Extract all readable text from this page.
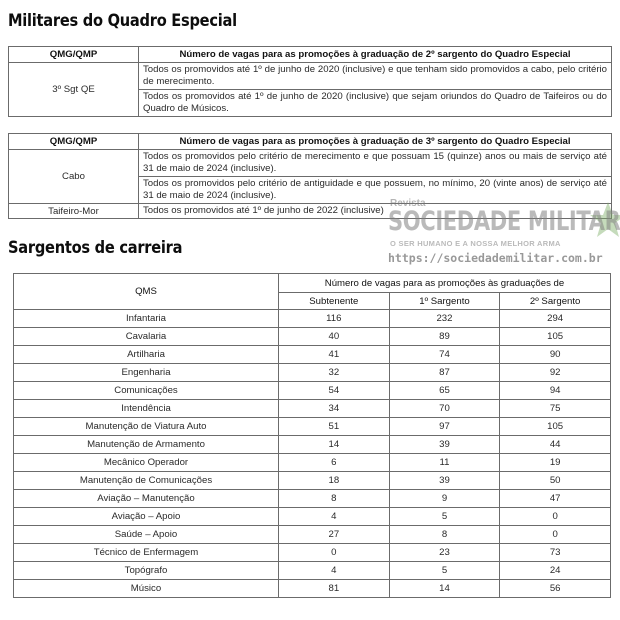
Militares do Quadro Especial
QMG/QMP	Número de vagas para as promoções à graduação de 2º sargento do Quadro Especial
3º Sgt QE	Todos os promovidos até 1º de junho de 2020 (inclusive) e que tenham sido promovidos a cabo, pelo critério de merecimento.
	Todos os promovidos até 1º de junho de 2020 (inclusive) que sejam oriundos do Quadro de Taifeiros ou do Quadro de Músicos.
QMG/QMP	Número de vagas para as promoções à graduação de 3º sargento do Quadro Especial
Cabo	Todos os promovidos pelo critério de merecimento e que possuam 15 (quinze) anos ou mais de serviço até 31 de maio de 2024 (inclusive).
	Todos os promovidos pelo critério de antiguidade e que possuem, no mínimo, 20 (vinte anos) de serviço até 31 de maio de 2024 (inclusive).
Taifeiro-Mor	Todos os promovidos até 1º de junho de 2022 (inclusive)
Sargentos de carreira
QMS	Número de vagas para as promoções às graduações de		
	Subtenente	1º Sargento	2º Sargento
Infantaria	116	232	294
Cavalaria	40	89	105
Artilharia	41	74	90
Engenharia	32	87	92
Comunicações	54	65	94
Intendência	34	70	75
Manutenção de Viatura Auto	51	97	105
Manutenção de Armamento	14	39	44
Mecânico Operador	6	11	19
Manutenção de Comunicações	18	39	50
Aviação – Manutenção	8	9	47
Aviação – Apoio	4	5	0
Saúde – Apoio	27	8	0
Técnico de Enfermagem	0	23	73
Topógrafo	4	5	24
Músico	81	14	56
Revista
SOCIEDADE MILITAR
O SER HUMANO E A NOSSA MELHOR ARMA
https://sociedademilitar.com.br
